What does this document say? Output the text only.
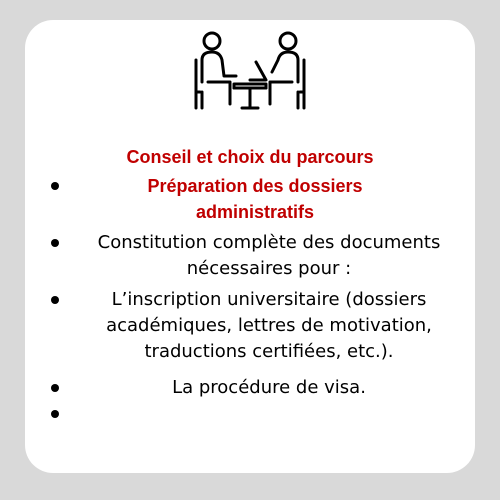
Conseil et choix du parcours
Préparation des dossiers
administratifs
Constitution complète des documents
nécessaires pour :
L’inscription universitaire (dossiers
académiques, lettres de motivation,
traductions certifiées, etc.).
La procédure de visa.
